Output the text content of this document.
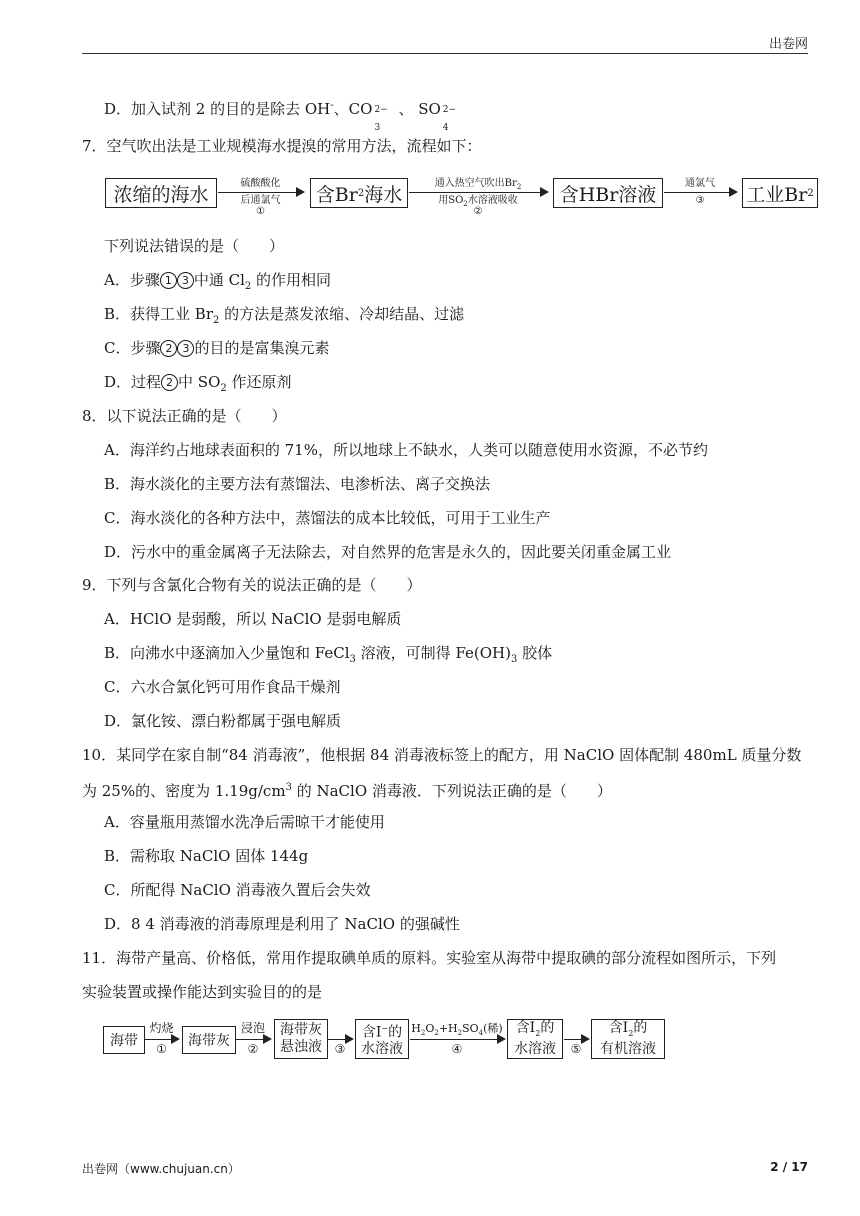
出卷网
D．加入试剂 2 的目的是除去 OH-、CO 2−
3
、 SO 2−
4
7．空气吹出法是工业规模海水提溴的常用方法，流程如下：
浓缩的海水	硫酸酸化
后通氯气
①
含Br 2 海水	通入热空气吹出$Br_2$
用$SO_2$水溶液吸收
②
含HBr溶液	通氯气
③	工业Br 2
下列说法错误的是（　　）
A．步骤 1 3 中通 $Cl_2$ 的作用相同
B．获得工业 $Br_2$ 的方法是蒸发浓缩、冷却结晶、过滤
C．步骤 2 3 的目的是富集溴元素
D．过程 2 中 $SO_2$ 作还原剂
8．以下说法正确的是（　　）
A．海洋约占地球表面积的 71%，所以地球上不缺水，人类可以随意使用水资源，不必节约
B．海水淡化的主要方法有蒸馏法、电渗析法、离子交换法
C．海水淡化的各种方法中，蒸馏法的成本比较低，可用于工业生产
D．污水中的重金属离子无法除去，对自然界的危害是永久的，因此要关闭重金属工业
9．下列与含氯化合物有关的说法正确的是（　　）
A．HClO 是弱酸，所以 NaClO 是弱电解质
B．向沸水中逐滴加入少量饱和 FeCl$_3$ 溶液，可制得 $Fe(OH)_3$ 胶体
C．六水合氯化钙可用作食品干燥剂
D．氯化铵、漂白粉都属于强电解质
10．某同学在家自制“84 消毒液”，他根据 84 消毒液标签上的配方，用 NaClO 固体配制 480mL 质量分数
为 25%的、密度为 $1.19g/cm^3$ 的 NaClO 消毒液．下列说法正确的是（　　）
A．容量瓶用蒸馏水洗净后需晾干才能使用
B．需称取 NaClO 固体 144g
C．所配得 NaClO 消毒液久置后会失效
D．8 4 消毒液的消毒原理是利用了 NaClO 的强碱性
11．海带产量高、价格低，常用作提取碘单质的原料。实验室从海带中提取碘的部分流程如图所示，下列
实验装置或操作能达到实验目的的是
海带
灼烧
①	海带灰
浸泡
②
海带灰
悬浊液	③
含I−的
水溶液
$H_2O_2+H_2SO_4$(稀)
④
含$I_2$的
水溶液	⑤
含$I_2$的
有机溶液
出卷网（www.chujuan.cn）	2 / 17
